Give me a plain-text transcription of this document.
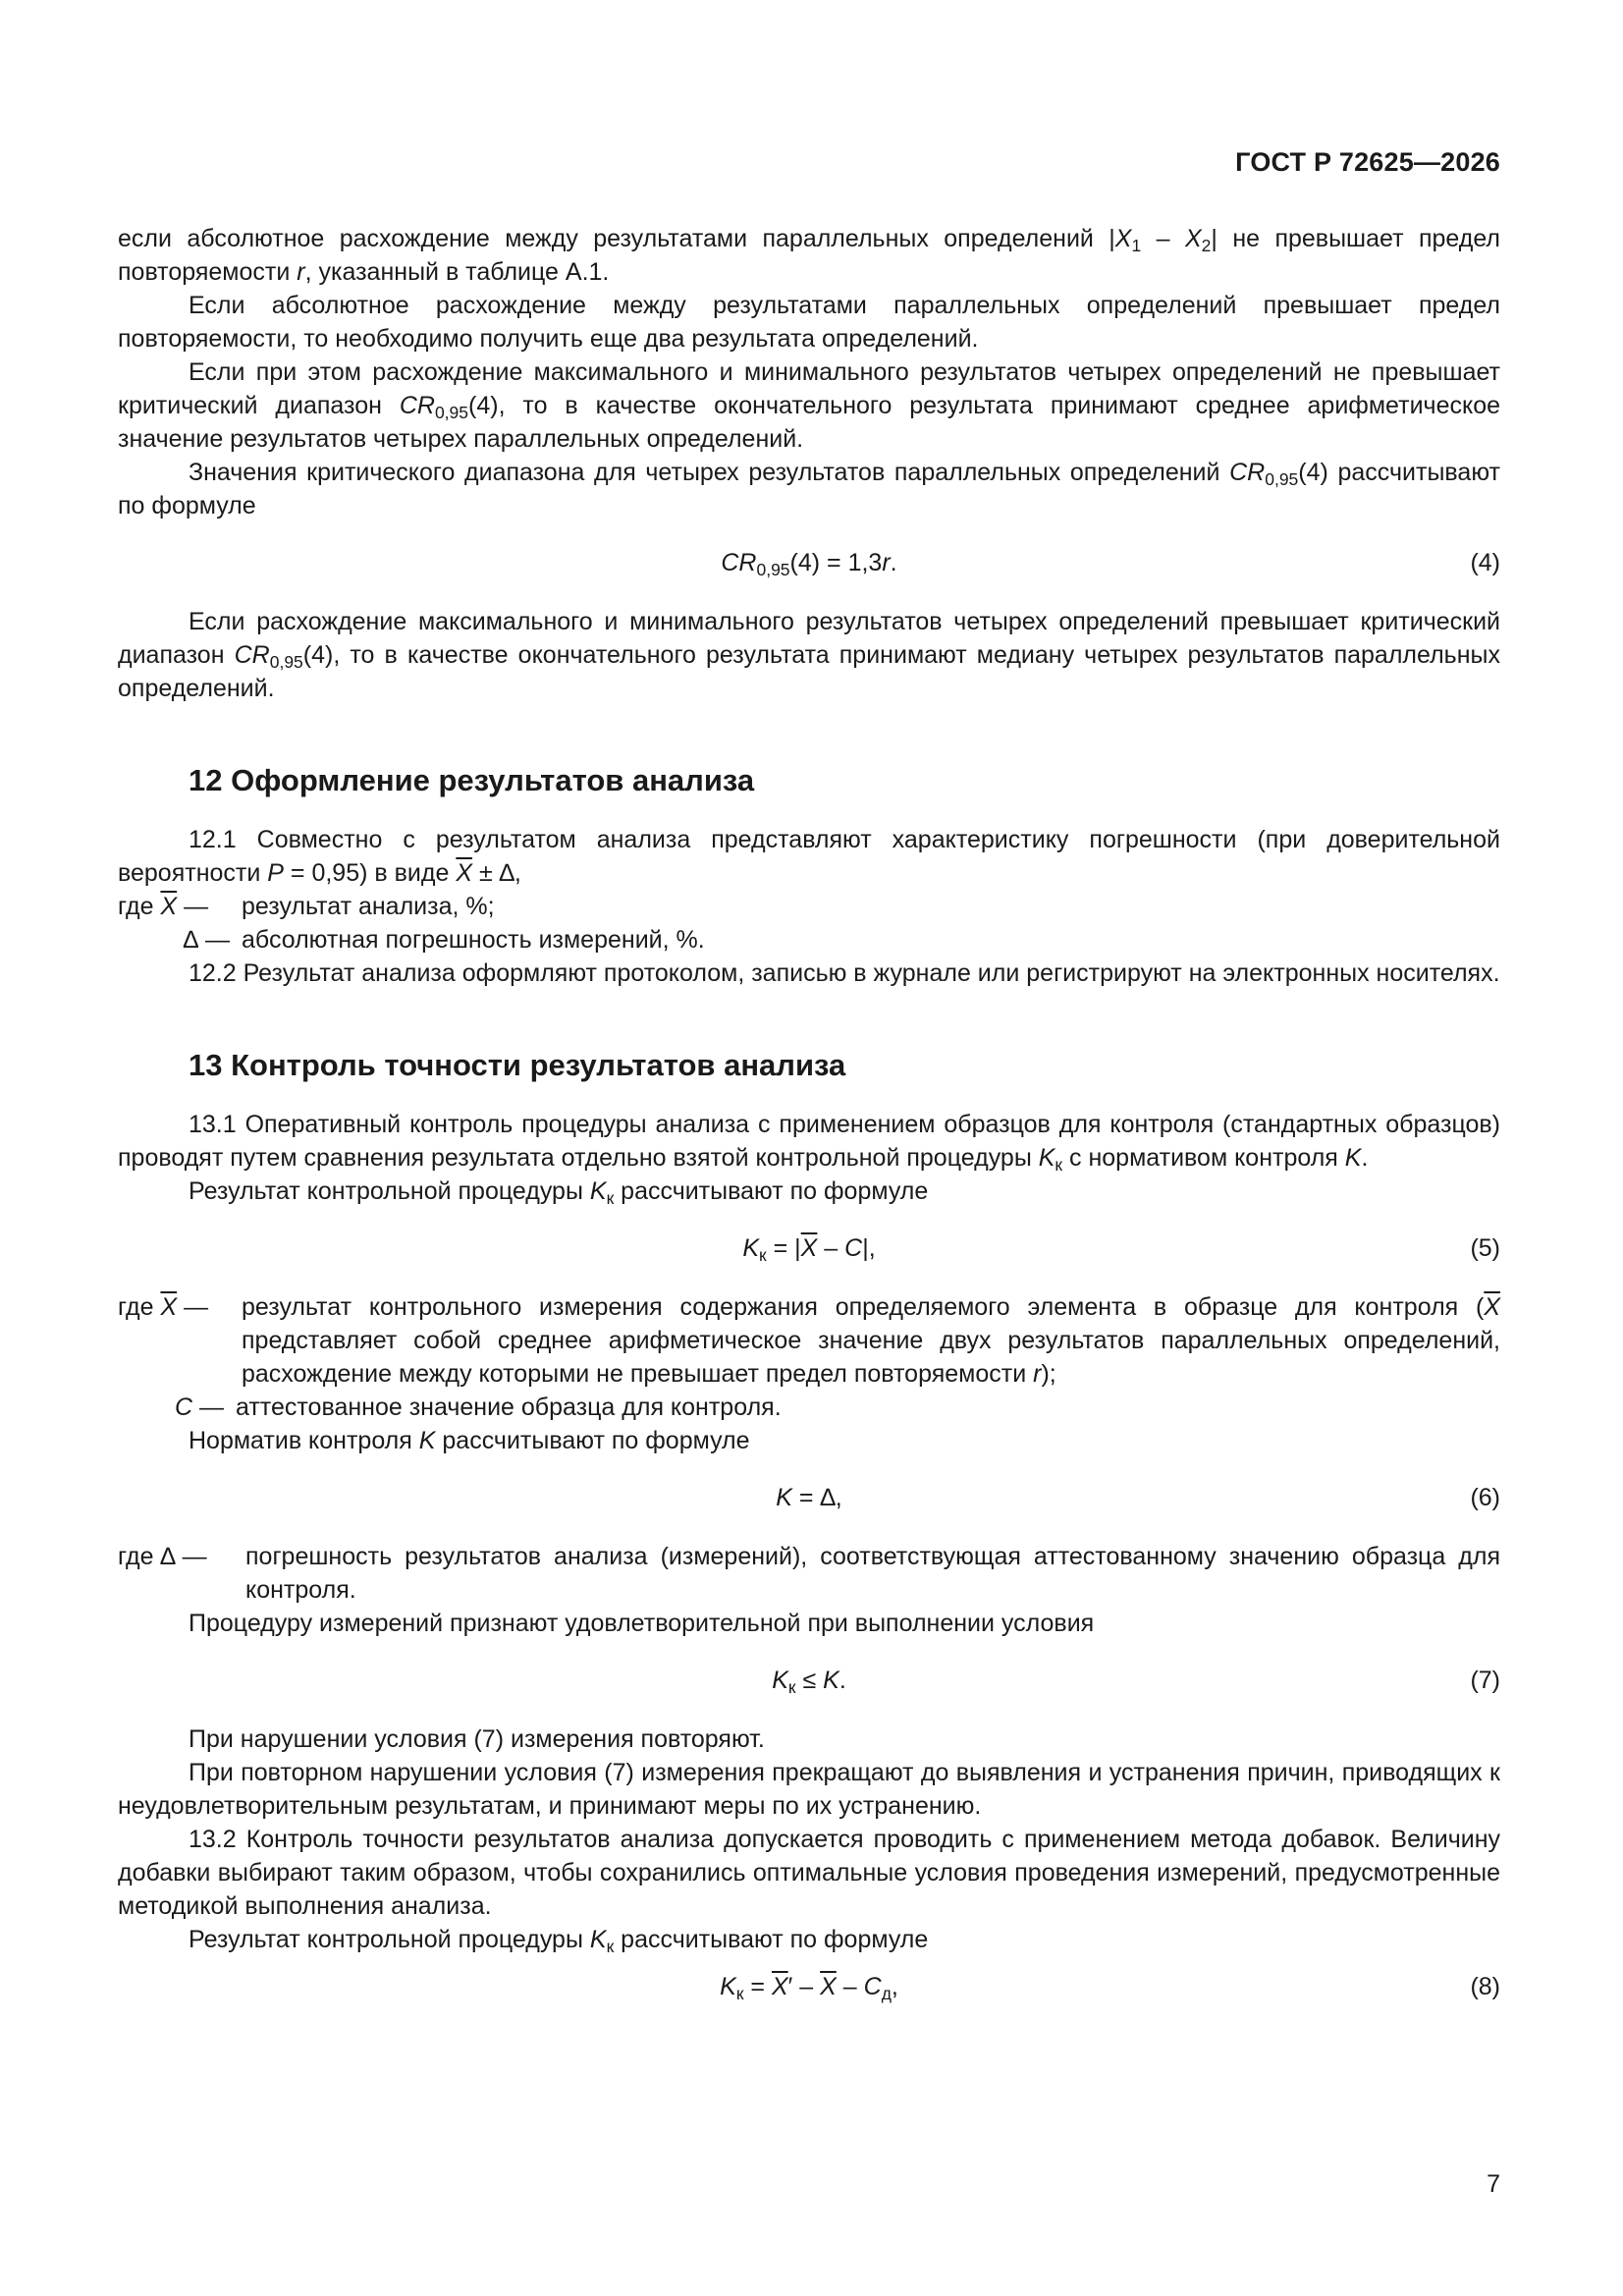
ГОСТ Р 72625—2026

если абсолютное расхождение между результатами параллельных определений $|X_1 - X_2|$ не превышает предел повторяемости r, указанный в таблице А.1.

Если абсолютное расхождение между результатами параллельных определений превышает предел повторяемости, то необходимо получить еще два результата определений.

Если при этом расхождение максимального и минимального результатов четырех определений не превышает критический диапазон $CR_{0,95}(4)$, то в качестве окончательного результата принимают среднее арифметическое значение результатов четырех параллельных определений.

Значения критического диапазона для четырех результатов параллельных определений $CR_{0,95}(4)$ рассчитывают по формуле

$CR_{0,95}(4) = 1,3r$.	(4)

Если расхождение максимального и минимального результатов четырех определений превышает критический диапазон $CR_{0,95}(4)$, то в качестве окончательного результата принимают медиану четырех результатов параллельных определений.

12 Оформление результатов анализа

12.1 Совместно с результатом анализа представляют характеристику погрешности (при доверительной вероятности P = 0,95) в виде $\overline{X}$ ± ∆,

где $\overline{X}$ —	результат анализа, %;
∆ — абсолютная погрешность измерений, %.

12.2 Результат анализа оформляют протоколом, записью в журнале или регистрируют на электронных носителях.

13 Контроль точности результатов анализа

13.1 Оперативный контроль процедуры анализа с применением образцов для контроля (стандартных образцов) проводят путем сравнения результата отдельно взятой контрольной процедуры $K_к$ с нормативом контроля K.

Результат контрольной процедуры $K_к$ рассчитывают по формуле

$K_к = |\overline{X} - C|$,	(5)
где $\overline{X}$ —	результат контрольного измерения содержания определяемого элемента в образце для контроля ($\overline{X}$ представляет собой среднее арифметическое значение двух результатов параллельных определений, расхождение между которыми не превышает предел повторяемости r);
C — аттестованное значение образца для контроля.

Норматив контроля K рассчитывают по формуле

K = ∆,	(6)
где ∆ —	погрешность результатов анализа (измерений), соответствующая аттестованному значению образца для контроля.

Процедуру измерений признают удовлетворительной при выполнении условия

$K_к \le K$.	(7)

При нарушении условия (7) измерения повторяют.

При повторном нарушении условия (7) измерения прекращают до выявления и устранения причин, приводящих к неудовлетворительным результатам, и принимают меры по их устранению.

13.2 Контроль точности результатов анализа допускается проводить с применением метода добавок. Величину добавки выбирают таким образом, чтобы сохранились оптимальные условия проведения измерений, предусмотренные методикой выполнения анализа.

Результат контрольной процедуры $K_к$ рассчитывают по формуле

$K_к = \overline{X}' - \overline{X} - C_д$,	(8)
7
